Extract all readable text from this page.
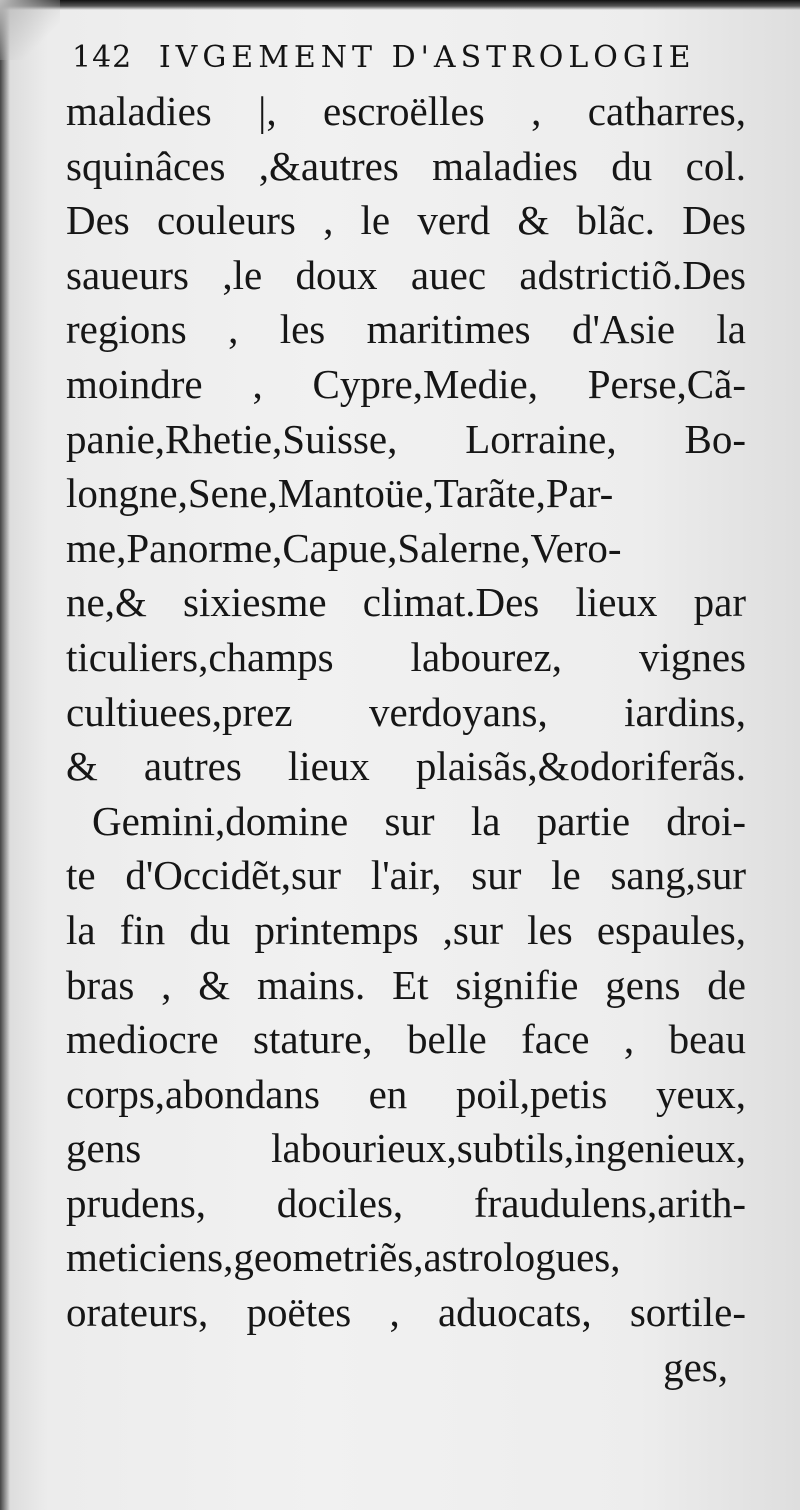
142 IVGEMENT D'ASTROLOGIE
maladies |, escroëlles , catharres,
squinâces ,&autres maladies du col.
Des couleurs , le verd & blãc. Des
saueurs ,le doux auec adstrictiõ.Des
regions , les maritimes d'Asie la
moindre , Cypre,Medie, Perse,Cã-
panie,Rhetie,Suisse, Lorraine, Bo-
longne,Sene,Mantoüe,Tarãte,Par-
me,Panorme,Capue,Salerne,Vero-
ne,& sixiesme climat.Des lieux par
ticuliers,champs labourez, vignes
cultiuees,prez verdoyans, iardins,
& autres lieux plaisãs,&odoriferãs.
Gemini,domine sur la partie droi-
te d'Occidẽt,sur l'air, sur le sang,sur
la fin du printemps ,sur les espaules,
bras , & mains. Et signifie gens de
mediocre stature, belle face , beau
corps,abondans en poil,petis yeux,
gens labourieux,subtils,ingenieux,
prudens, dociles, fraudulens,arith-
meticiens,geometriẽs,astrologues,
orateurs, poëtes , aduocats, sortile-
ges,
